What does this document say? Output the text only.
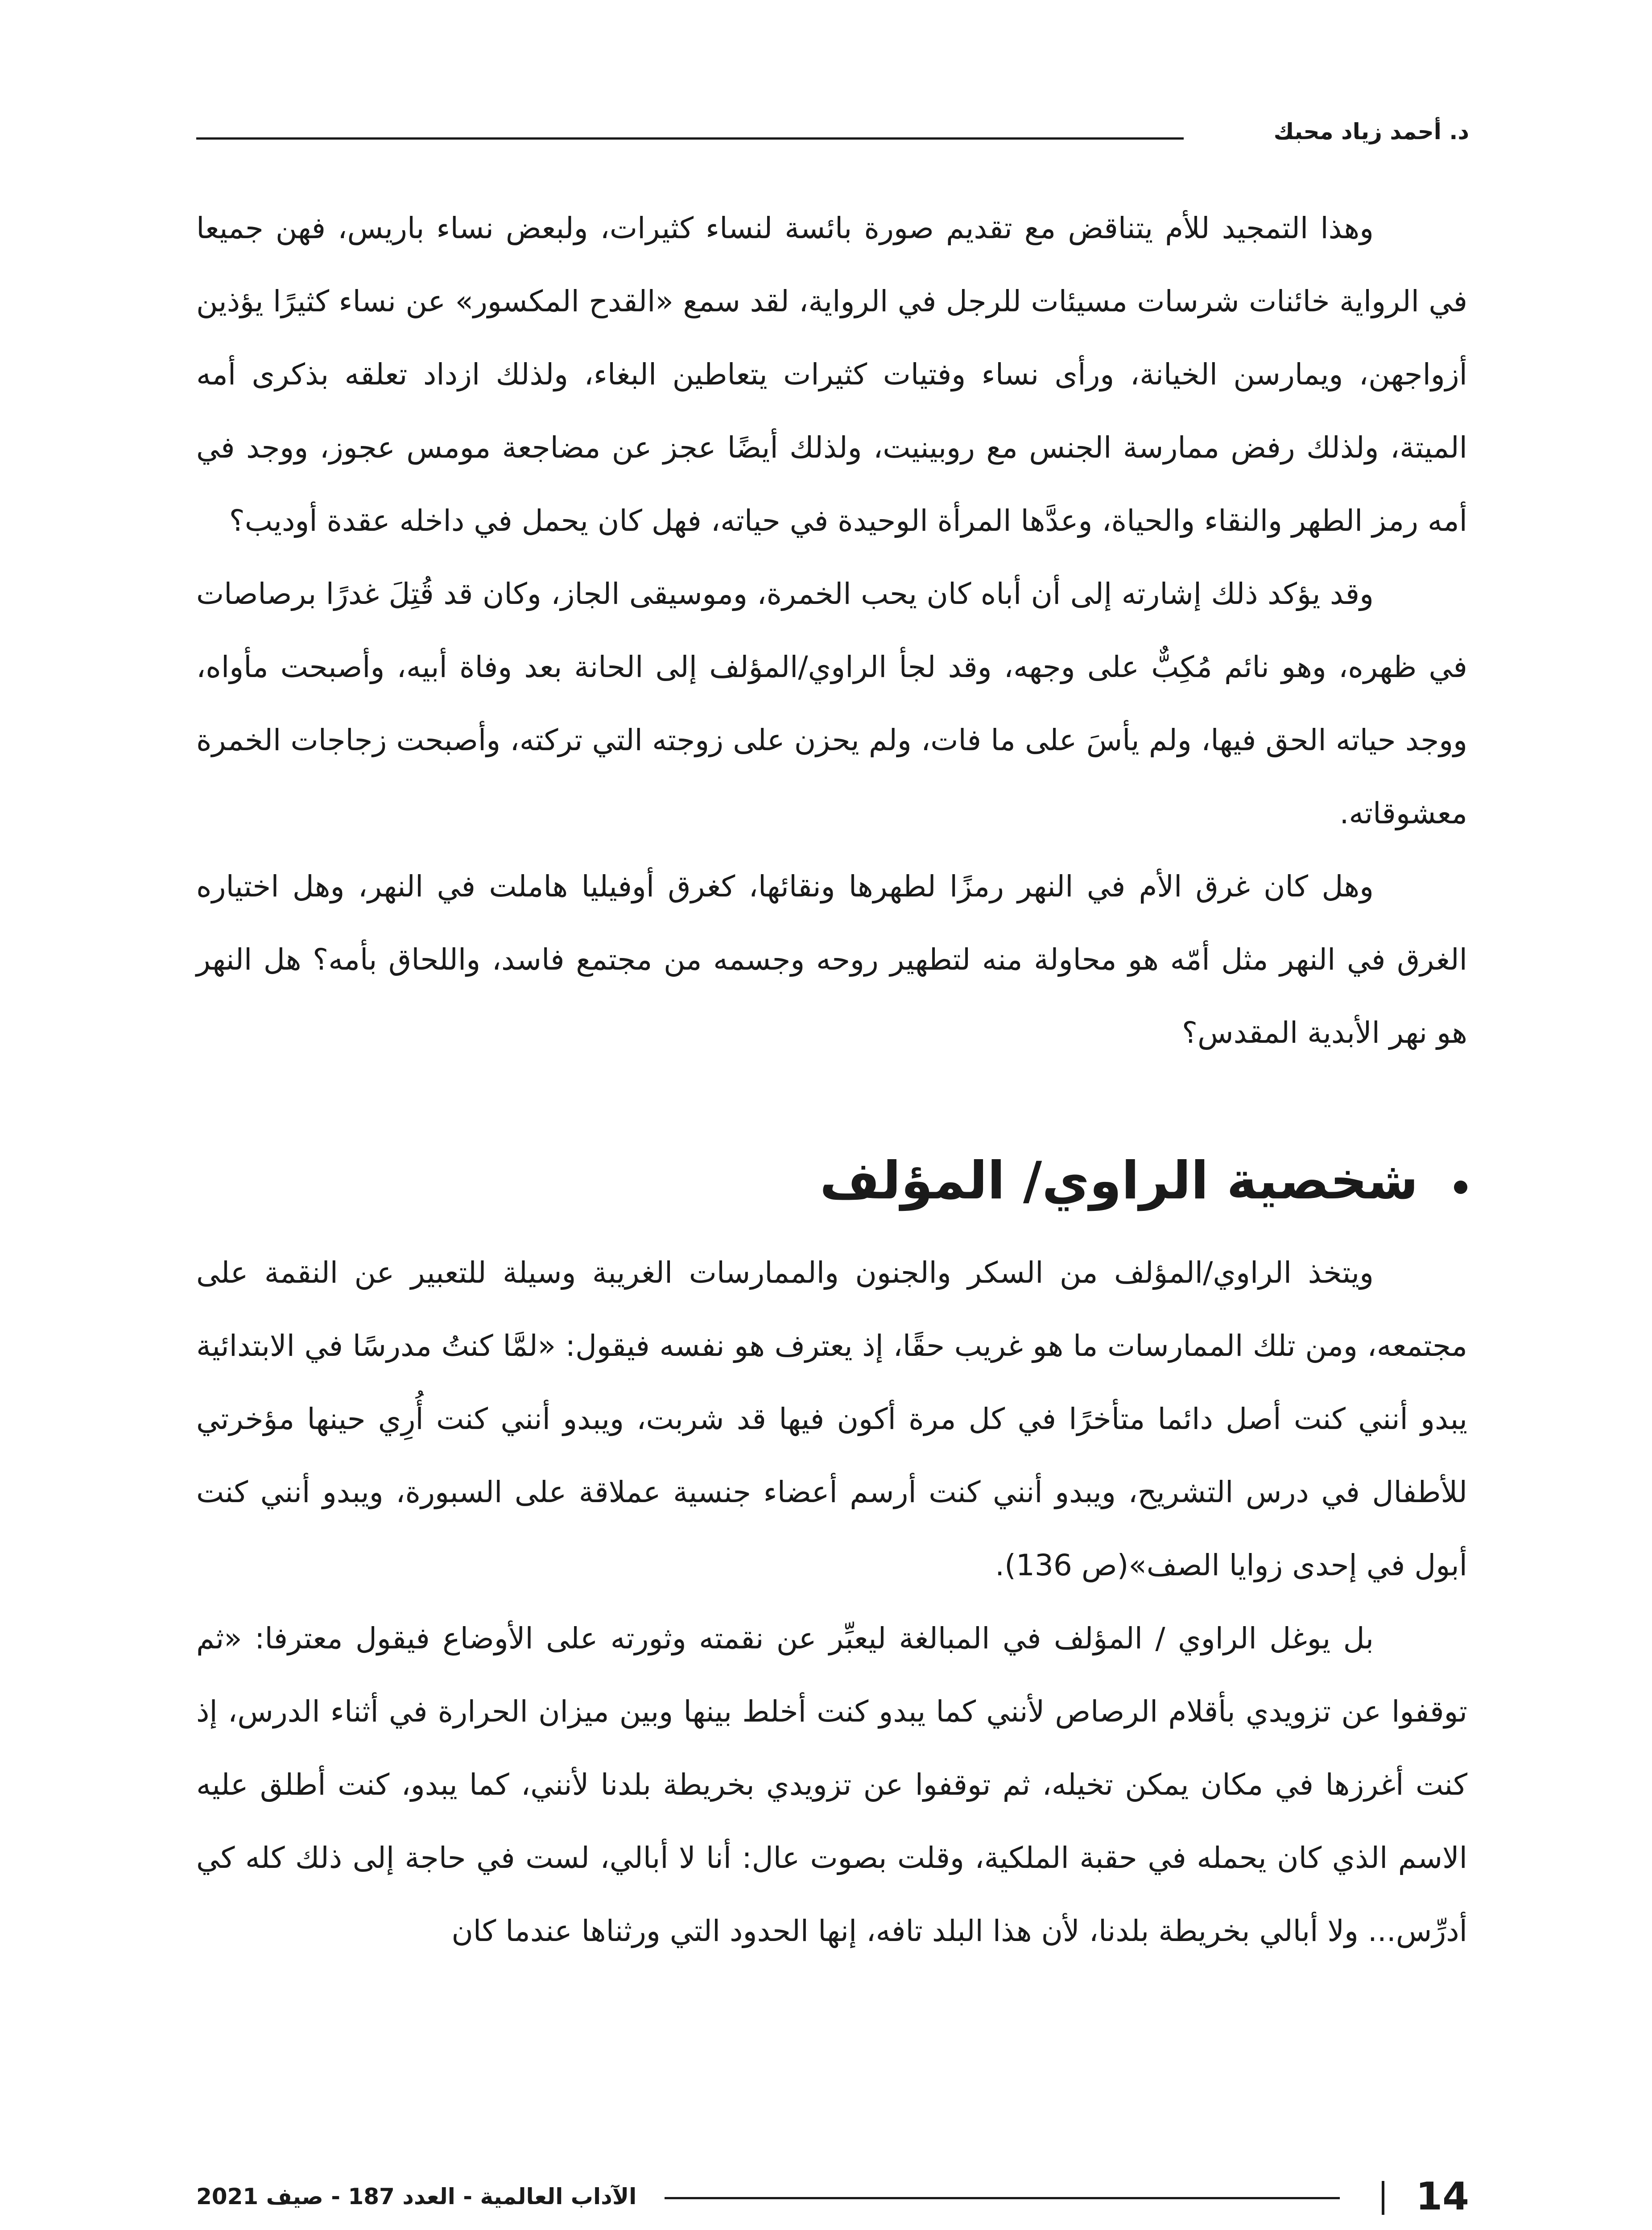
د. أحمد زياد محبك

وهذا التمجيد للأم يتناقض مع تقديم صورة بائسة لنساء كثيرات، ولبعض نساء باريس، فهن جميعا في الرواية خائنات شرسات مسيئات للرجل في الرواية، لقد سمع «القدح المكسور» عن نساء كثيرًا يؤذين أزواجهن، ويمارسن الخيانة، ورأى نساء وفتيات كثيرات يتعاطين البغاء، ولذلك ازداد تعلقه بذكرى أمه الميتة، ولذلك رفض ممارسة الجنس مع روبينيت، ولذلك أيضًا عجز عن مضاجعة مومس عجوز، ووجد في أمه رمز الطهر والنقاء والحياة، وعدَّها المرأة الوحيدة في حياته، فهل كان يحمل في داخله عقدة أوديب؟

وقد يؤكد ذلك إشارته إلى أن أباه كان يحب الخمرة، وموسيقى الجاز، وكان قد قُتِلَ غدرًا برصاصات في ظهره، وهو نائم مُكِبٌّ على وجهه، وقد لجأ الراوي/المؤلف إلى الحانة بعد وفاة أبيه، وأصبحت مأواه، ووجد حياته الحق فيها، ولم يأسَ على ما فات، ولم يحزن على زوجته التي تركته، وأصبحت زجاجات الخمرة معشوقاته.

وهل كان غرق الأم في النهر رمزًا لطهرها ونقائها، كغرق أوفيليا هاملت في النهر، وهل اختياره الغرق في النهر مثل أمّه هو محاولة منه لتطهير روحه وجسمه من مجتمع فاسد، واللحاق بأمه؟ هل النهر هو نهر الأبدية المقدس؟

شخصية الراوي/ المؤلف

ويتخذ الراوي/المؤلف من السكر والجنون والممارسات الغريبة وسيلة للتعبير عن النقمة على مجتمعه، ومن تلك الممارسات ما هو غريب حقًا، إذ يعترف هو نفسه فيقول: «لمَّا كنتُ مدرسًا في الابتدائية يبدو أنني كنت أصل دائما متأخرًا في كل مرة أكون فيها قد شربت، ويبدو أنني كنت أُرِي حينها مؤخرتي للأطفال في درس التشريح، ويبدو أنني كنت أرسم أعضاء جنسية عملاقة على السبورة، ويبدو أنني كنت أبول في إحدى زوايا الصف»(ص 136).

بل يوغل الراوي / المؤلف في المبالغة ليعبِّر عن نقمته وثورته على الأوضاع فيقول معترفا: «ثم توقفوا عن تزويدي بأقلام الرصاص لأنني كما يبدو كنت أخلط بينها وبين ميزان الحرارة في أثناء الدرس، إذ كنت أغرزها في مكان يمكن تخيله، ثم توقفوا عن تزويدي بخريطة بلدنا لأنني، كما يبدو، كنت أطلق عليه الاسم الذي كان يحمله في حقبة الملكية، وقلت بصوت عال: أنا لا أبالي، لست في حاجة إلى ذلك كله كي أدرِّس... ولا أبالي بخريطة بلدنا، لأن هذا البلد تافه، إنها الحدود التي ورثناها عندما كان

14
الآداب العالمية - العدد 187 - صيف 2021
